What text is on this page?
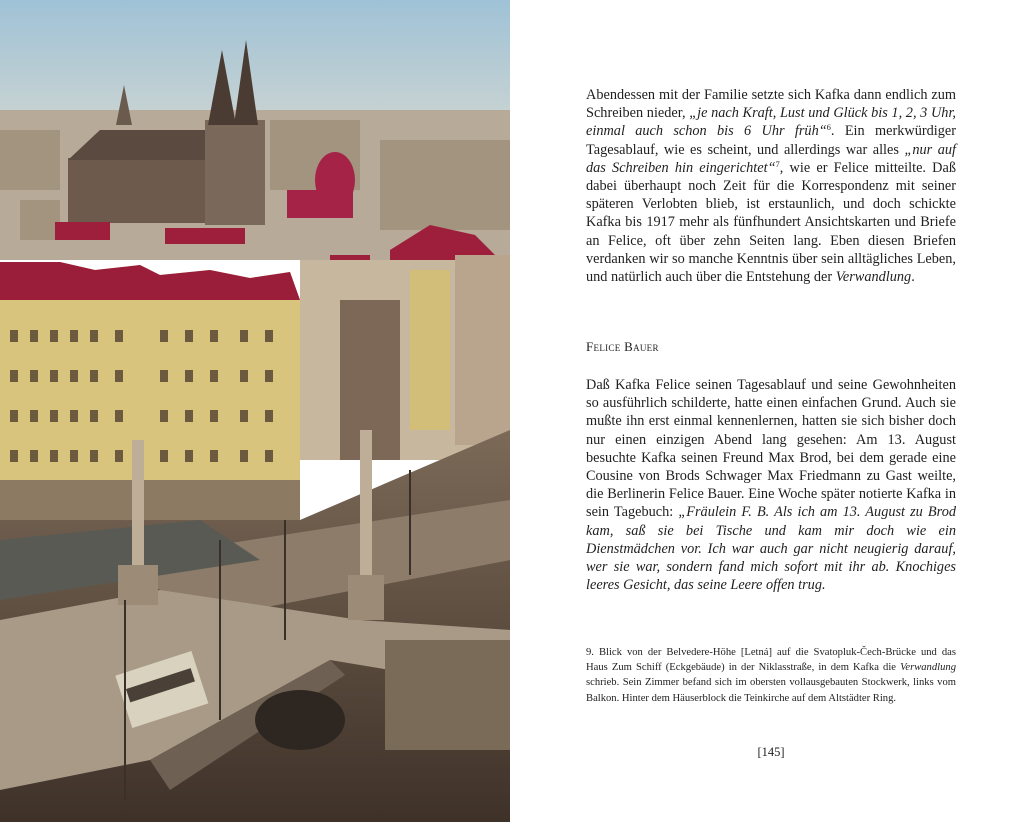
Abendessen mit der Familie setzte sich Kafka dann endlich zum Schreiben nieder, „je nach Kraft, Lust und Glück bis 1, 2, 3 Uhr, einmal auch schon bis 6 Uhr früh“$^6$. Ein merkwürdiger Tagesablauf, wie es scheint, und allerdings war alles „nur auf das Schreiben hin eingerichtet“$^7$, wie er Felice mitteilte. Daß dabei überhaupt noch Zeit für die Korrespondenz mit seiner späteren Verlobten blieb, ist erstaunlich, und doch schickte Kafka bis 1917 mehr als fünfhundert Ansichtskarten und Briefe an Felice, oft über zehn Seiten lang. Eben diesen Briefen verdanken wir so manche Kenntnis über sein alltägliches Leben, und natürlich auch über die Entstehung der Verwandlung.

Felice Bauer

Daß Kafka Felice seinen Tagesablauf und seine Gewohnheiten so ausführlich schilderte, hatte einen einfachen Grund. Auch sie mußte ihn erst einmal kennenlernen, hatten sie sich bisher doch nur einen einzigen Abend lang gesehen: Am 13. August besuchte Kafka seinen Freund Max Brod, bei dem gerade eine Cousine von Brods Schwager Max Friedmann zu Gast weilte, die Berlinerin Felice Bauer. Eine Woche später notierte Kafka in sein Tagebuch: „Fräulein F. B. Als ich am 13. August zu Brod kam, saß sie bei Tische und kam mir doch wie ein Dienstmädchen vor. Ich war auch gar nicht neugierig darauf, wer sie war, sondern fand mich sofort mit ihr ab. Knochiges leeres Gesicht, das seine Leere offen trug.

9. Blick von der Belvedere-Höhe [Letná] auf die Svatopluk-Čech-Brücke und das Haus Zum Schiff (Eckgebäude) in der Niklasstraße, in dem Kafka die Verwandlung schrieb. Sein Zimmer befand sich im obersten vollausgebauten Stockwerk, links vom Balkon. Hinter dem Häuserblock die Teinkirche auf dem Altstädter Ring.
[145]
